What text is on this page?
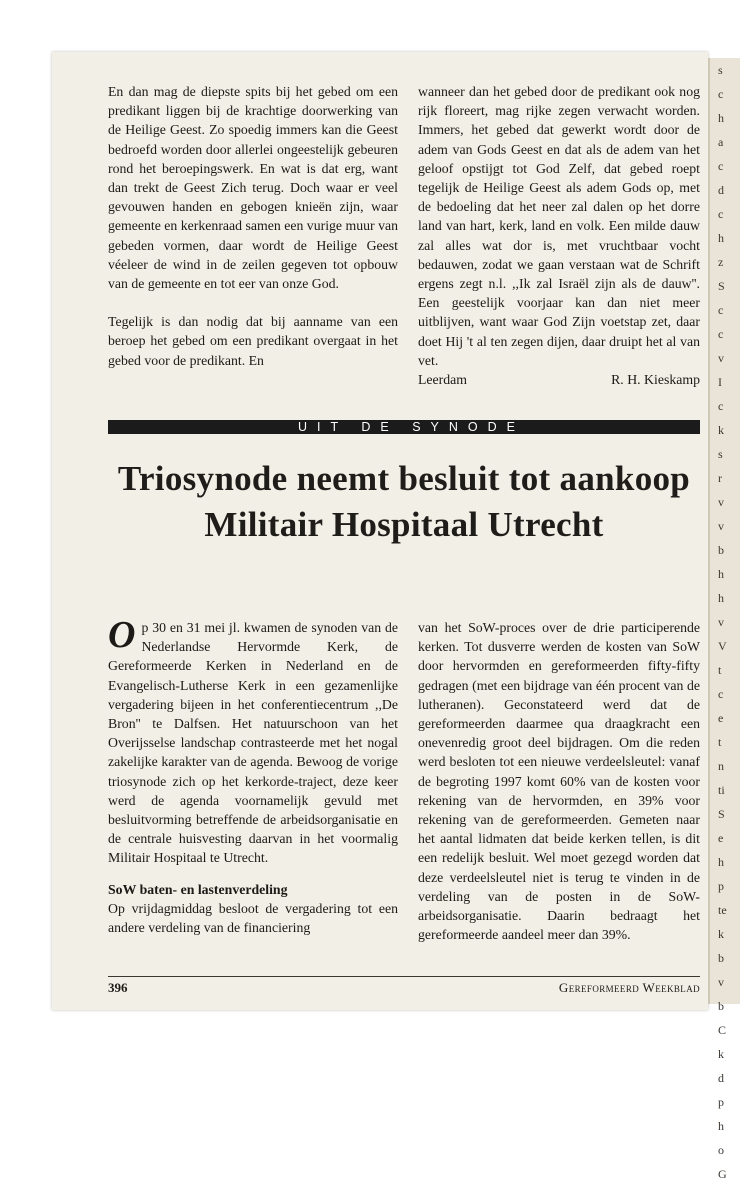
s
c
h
a
c
d
c
h
z
S
c
c
v
I
c
k
s
r
v
v
b
h
h
v
V
t
c
e
t
n
ti
S
e
h
p
te
k
b
v
b
C
k
d
p
h
o
G

En dan mag de diepste spits bij het gebed om een predikant liggen bij de krachtige doorwerking van de Heilige Geest. Zo spoedig immers kan die Geest bedroefd worden door allerlei ongeestelijk gebeuren rond het beroepingswerk. En wat is dat erg, want dan trekt de Geest Zich terug. Doch waar er veel gevouwen handen en gebogen knieën zijn, waar gemeente en kerkenraad samen een vurige muur van gebeden vormen, daar wordt de Heilige Geest véeleer de wind in de zeilen gegeven tot opbouw van de gemeente en tot eer van onze God.

Tegelijk is dan nodig dat bij aanname van een beroep het gebed om een predikant overgaat in het gebed voor de predikant. En

wanneer dan het gebed door de predikant ook nog rijk floreert, mag rijke zegen verwacht worden. Immers, het gebed dat gewerkt wordt door de adem van Gods Geest en dat als de adem van het geloof opstijgt tot God Zelf, dat gebed roept tegelijk de Heilige Geest als adem Gods op, met de bedoeling dat het neer zal dalen op het dorre land van hart, kerk, land en volk. Een milde dauw zal alles wat dor is, met vruchtbaar vocht bedauwen, zodat we gaan verstaan wat de Schrift ergens zegt n.l. ,,Ik zal Israël zijn als de dauw''. Een geestelijk voorjaar kan dan niet meer uitblijven, want waar God Zijn voetstap zet, daar doet Hij 't al ten zegen dijen, daar druipt het al van vet.

Leerdam	R. H. Kieskamp
UIT DE SYNODE
Triosynode neemt besluit tot aankoop Militair Hospitaal Utrecht

Op 30 en 31 mei jl. kwamen de synoden van de Nederlandse Hervormde Kerk, de Gereformeerde Kerken in Nederland en de Evangelisch-Lutherse Kerk in een gezamenlijke vergadering bijeen in het conferentiecentrum ,,De Bron'' te Dalfsen. Het natuurschoon van het Overijsselse landschap contrasteerde met het nogal zakelijke karakter van de agenda. Bewoog de vorige triosynode zich op het kerkorde-traject, deze keer werd de agenda voornamelijk gevuld met besluitvorming betreffende de arbeidsorganisatie en de centrale huisvesting daarvan in het voormalig Militair Hospitaal te Utrecht.

SoW baten- en lastenverdeling

Op vrijdagmiddag besloot de vergadering tot een andere verdeling van de financiering

van het SoW-proces over de drie participerende kerken. Tot dusverre werden de kosten van SoW door hervormden en gereformeerden fifty-fifty gedragen (met een bijdrage van één procent van de lutheranen). Geconstateerd werd dat de gereformeerden daarmee qua draagkracht een onevenredig groot deel bijdragen. Om die reden werd besloten tot een nieuwe verdeelsleutel: vanaf de begroting 1997 komt 60% van de kosten voor rekening van de hervormden, en 39% voor rekening van de gereformeerden. Gemeten naar het aantal lidmaten dat beide kerken tellen, is dit een redelijk besluit. Wel moet gezegd worden dat deze verdeelsleutel niet is terug te vinden in de verdeling van de posten in de SoW-arbeidsorganisatie. Daarin bedraagt het gereformeerde aandeel meer dan 39%.

396	Gereformeerd Weekblad
